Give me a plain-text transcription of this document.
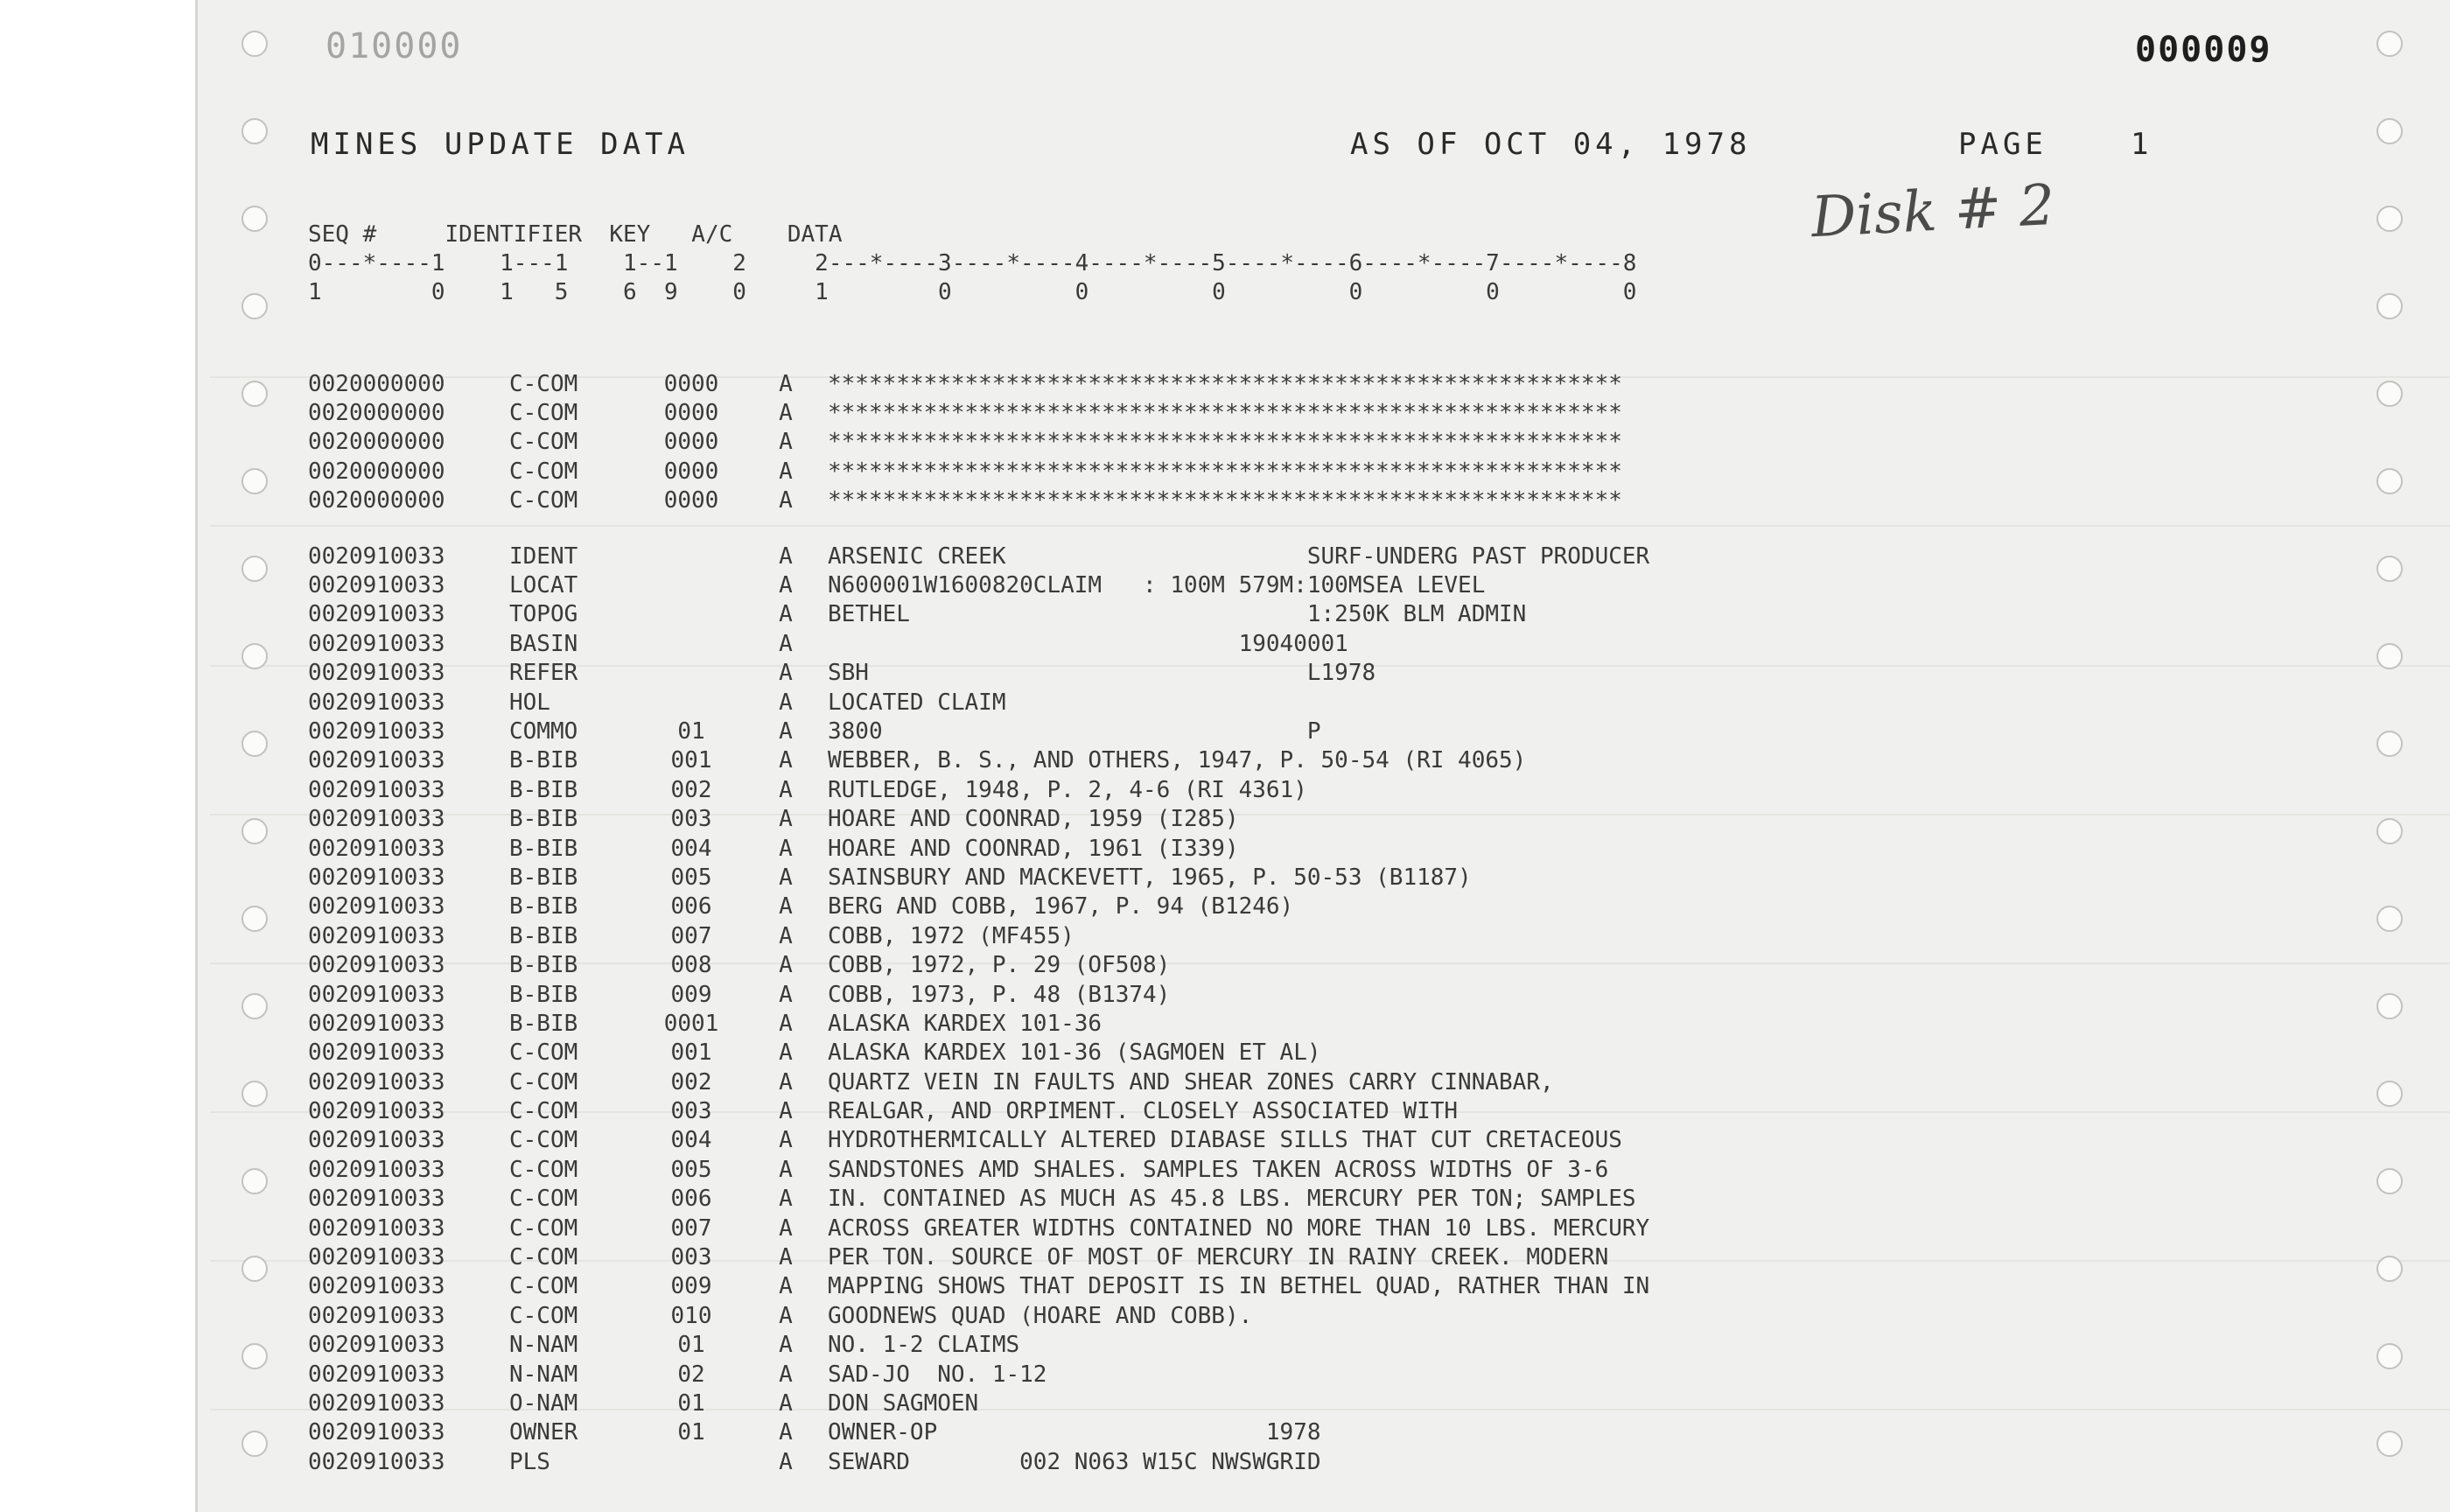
010000	000009
MINES UPDATE DATA	AS OF OCT 04, 1978	PAGE	1
Disk # 2
SEQ #     IDENTIFIER  KEY   A/C    DATA
0---*----1    1---1    1--1    2     2---*----3----*----4----*----5----*----6----*----7----*----8
1        0    1   5    6  9    0     1        0         0         0         0         0         0
0020000000	C-COM	0000	A	**********************************************************
0020000000	C-COM	0000	A	**********************************************************
0020000000	C-COM	0000	A	**********************************************************
0020000000	C-COM	0000	A	**********************************************************
0020000000	C-COM	0000	A	**********************************************************
0020910033	IDENT	A	ARSENIC CREEK                      SURF-UNDERG PAST PRODUCER
0020910033	LOCAT	A	N600001W1600820CLAIM   : 100M 579M:100MSEA LEVEL
0020910033	TOPOG	A	BETHEL                             1:250K BLM ADMIN
0020910033	BASIN	A	19040001
0020910033	REFER	A	SBH                                L1978
0020910033	HOL	A	LOCATED CLAIM
0020910033	COMMO	01	A	3800                               P
0020910033	B-BIB	001	A	WEBBER, B. S., AND OTHERS, 1947, P. 50-54 (RI 4065)
0020910033	B-BIB	002	A	RUTLEDGE, 1948, P. 2, 4-6 (RI 4361)
0020910033	B-BIB	003	A	HOARE AND COONRAD, 1959 (I285)
0020910033	B-BIB	004	A	HOARE AND COONRAD, 1961 (I339)
0020910033	B-BIB	005	A	SAINSBURY AND MACKEVETT, 1965, P. 50-53 (B1187)
0020910033	B-BIB	006	A	BERG AND COBB, 1967, P. 94 (B1246)
0020910033	B-BIB	007	A	COBB, 1972 (MF455)
0020910033	B-BIB	008	A	COBB, 1972, P. 29 (OF508)
0020910033	B-BIB	009	A	COBB, 1973, P. 48 (B1374)
0020910033	B-BIB	0001	A	ALASKA KARDEX 101-36
0020910033	C-COM	001	A	ALASKA KARDEX 101-36 (SAGMOEN ET AL)
0020910033	C-COM	002	A	QUARTZ VEIN IN FAULTS AND SHEAR ZONES CARRY CINNABAR,
0020910033	C-COM	003	A	REALGAR, AND ORPIMENT. CLOSELY ASSOCIATED WITH
0020910033	C-COM	004	A	HYDROTHERMICALLY ALTERED DIABASE SILLS THAT CUT CRETACEOUS
0020910033	C-COM	005	A	SANDSTONES AMD SHALES. SAMPLES TAKEN ACROSS WIDTHS OF 3-6
0020910033	C-COM	006	A	IN. CONTAINED AS MUCH AS 45.8 LBS. MERCURY PER TON; SAMPLES
0020910033	C-COM	007	A	ACROSS GREATER WIDTHS CONTAINED NO MORE THAN 10 LBS. MERCURY
0020910033	C-COM	003	A	PER TON. SOURCE OF MOST OF MERCURY IN RAINY CREEK. MODERN
0020910033	C-COM	009	A	MAPPING SHOWS THAT DEPOSIT IS IN BETHEL QUAD, RATHER THAN IN
0020910033	C-COM	010	A	GOODNEWS QUAD (HOARE AND COBB).
0020910033	N-NAM	01	A	NO. 1-2 CLAIMS
0020910033	N-NAM	02	A	SAD-JO  NO. 1-12
0020910033	O-NAM	01	A	DON SAGMOEN
0020910033	OWNER	01	A	OWNER-OP                        1978
0020910033	PLS	A	SEWARD        002 N063 W15C NWSWGRID
